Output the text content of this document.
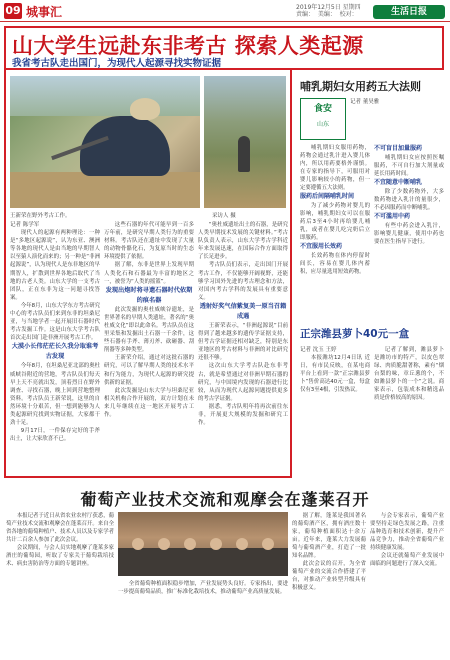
09 城事汇	2019年12月5日 星期四
责编：  美编：  校对：	生活日报
山大学生远赴东非考古 探索人类起源
我省考古队走出国门，为现代人起源寻找实物证据
王新荣在野外考古工作。	采访人 摄
记者 陈学军

现代人的起源有两种理论：一种是“多地区起源说”，认为东亚、澳洲等各地的现代人是由当地的早期智人以至猿人演化而来的；另一种是“非洲起源说”，认为现代人是东非地区的早期智人，扩散到世界各地后取代了当地的古老人类。山东大学的一支考古团队，正在东非为这一问题寻找答案。

今年8月，山东大学东方考古研究中心的考古队员们来到东非的坦桑尼亚，与当地学者一起开展旧石器时代考古发掘工作。这是山东大学考古队首次走出国门赴非洲开展考古工作。

大漠小长伟茫茫长久我分取谁考古发现

今年8月，在坦桑尼亚北部的奥杜威峡谷附近的营地，考古队员们每天早上天不亮就出发，顶着烈日在野外调查、寻找石器，晚上回到营地整理资料。考古队员王新荣说，这里的自然环境十分艰苦，但一想到能够为人类起源研究找到实物证据，大家都干劲十足。

9月17日，一件保存完好的手斧出土，让大家欣喜不已。

这些石器的年代可能早到一百多万年前，是研究早期人类行为的重要材料。考古队还在遗址中发现了大量的动物骨骼化石，为复原当时的生态环境提供了依据。

据了解，东非是世界上发现早期人类化石和石器最为丰富的地区之一，被誉为“人类的摇篮”。

发现出炮时将寻遗石器时代依期的痕名器

此次发掘的奥杜威峡谷遗址，是世界著名的早期人类遗址，著名的“奥杜威文化”即以此命名。考古队员在这里采集和发掘出土石器一千余件，这些石器有手斧、薄刃斧、砍砸器、刮削器等多种类型。

王新荣介绍，通过对这批石器的研究，可以了解早期人类的技术水平和行为能力，为现代人起源的研究提供新的证据。

此次发掘是山东大学与坦桑尼亚相关机构合作开展的，双方计划在未来几年继续在这一地区开展考古工作。

“奥杜威遗址出土的石器，是研究人类早期技术发展的关键材料。”考古队负责人表示，山东大学考古学科近年来发展迅速，在国际合作方面取得了长足进步。

考古队员们表示，走出国门开展考古工作，不仅能够开阔视野，还能够学习国外先进的考古理念和方法，对国内考古学科的发展具有重要意义。

透射好奖气信紫复美一原当召籍成遇

王新荣表示，“非洲起源说”目前得到了越来越多的遗传学证据支持，但考古学证据还相对缺乏，特别是东亚地区的考古材料与非洲的对比研究还很不够。

这次山东大学考古队赴东非考古，就是希望通过对非洲早期石器的研究，与中国境内发现的石器进行比较，从而为现代人起源问题提供更多的考古学证据。

据悉，考古队明年将再次前往东非，开展更大规模的发掘和研究工作。

哺乳期妇女用药五大法则
食安
山东

记者 董昊雅

哺乳期妇女服用药物，药物会通过乳汁进入婴儿体内，所以用药要格外谨慎。在专家的指导下，可服用对婴儿影响较小的药物，但一定要遵循五大法则。

服药后间隔哺乳时间

为了减少药物对婴儿的影响，哺乳期妇女可以在服药后3至4小时再给婴儿哺乳，或者在婴儿吃完奶后立即服药。

不宜服用长效药

长效药物在体内停留时间长，容易在婴儿体内蓄积，应尽量选用短效药物。

不可盲目加量服药

哺乳期妇女应按照医嘱服药，不可自行加大剂量或延长用药时间。

不宜随意中断哺乳

除了少数药物外，大多数药物进入乳汁的量很少，不必因服药而中断哺乳。

不可滥用中药

有些中药会进入乳汁，影响婴儿健康，使用中药也要在医生指导下进行。

正宗潍县萝卜40元一盒

记者 沈玉 王婷

本报潍坊12月4日讯 近日，有市民反映，在某电商平台上看到一款“正宗潍县萝卜”售价高达40元一盒，每盒仅有3至4根，引发热议。

记者了解到，潍县萝卜是潍坊市的特产，以皮色翠绿、肉质脆甜著称，素有“烟台梨的味，章丘葱的个，不如潍县萝卜的一个”之说。商家表示，包装成本和精选品质是价格较高的原因。

葡萄产业技术交流和观摩会在蓬莱召开

本报记者于近日从省农业农村厅获悉，葡萄产业技术交流和观摩会在蓬莱召开。来自全省各地的葡萄种植户、技术人员以及专家学者共计二百余人参加了此次会议。

会议期间，与会人员实地观摩了蓬莱多家酒庄的葡萄园，听取了专家关于葡萄栽培技术、病虫害防治等方面的专题讲座。

全省葡萄种植面积稳步增加，产业发展势头良好。专家指出，要进一步提高葡萄品质，推广标准化栽培技术，推动葡萄产业高质量发展。

据了解，蓬莱是我国著名的葡萄酒产区，拥有酒庄数十家，葡萄种植面积达十余万亩。近年来，蓬莱大力发展葡萄与葡萄酒产业，打造了一批知名品牌。

此次会议的召开，为全省葡萄产业的交流合作搭建了平台，对推动产业转型升级具有积极意义。

与会专家表示，葡萄产业要坚持走绿色发展之路，注重品种选育和技术创新，提升产品竞争力，推动全省葡萄产业持续健康发展。

会议还就葡萄产业发展中面临的问题进行了深入交流。
